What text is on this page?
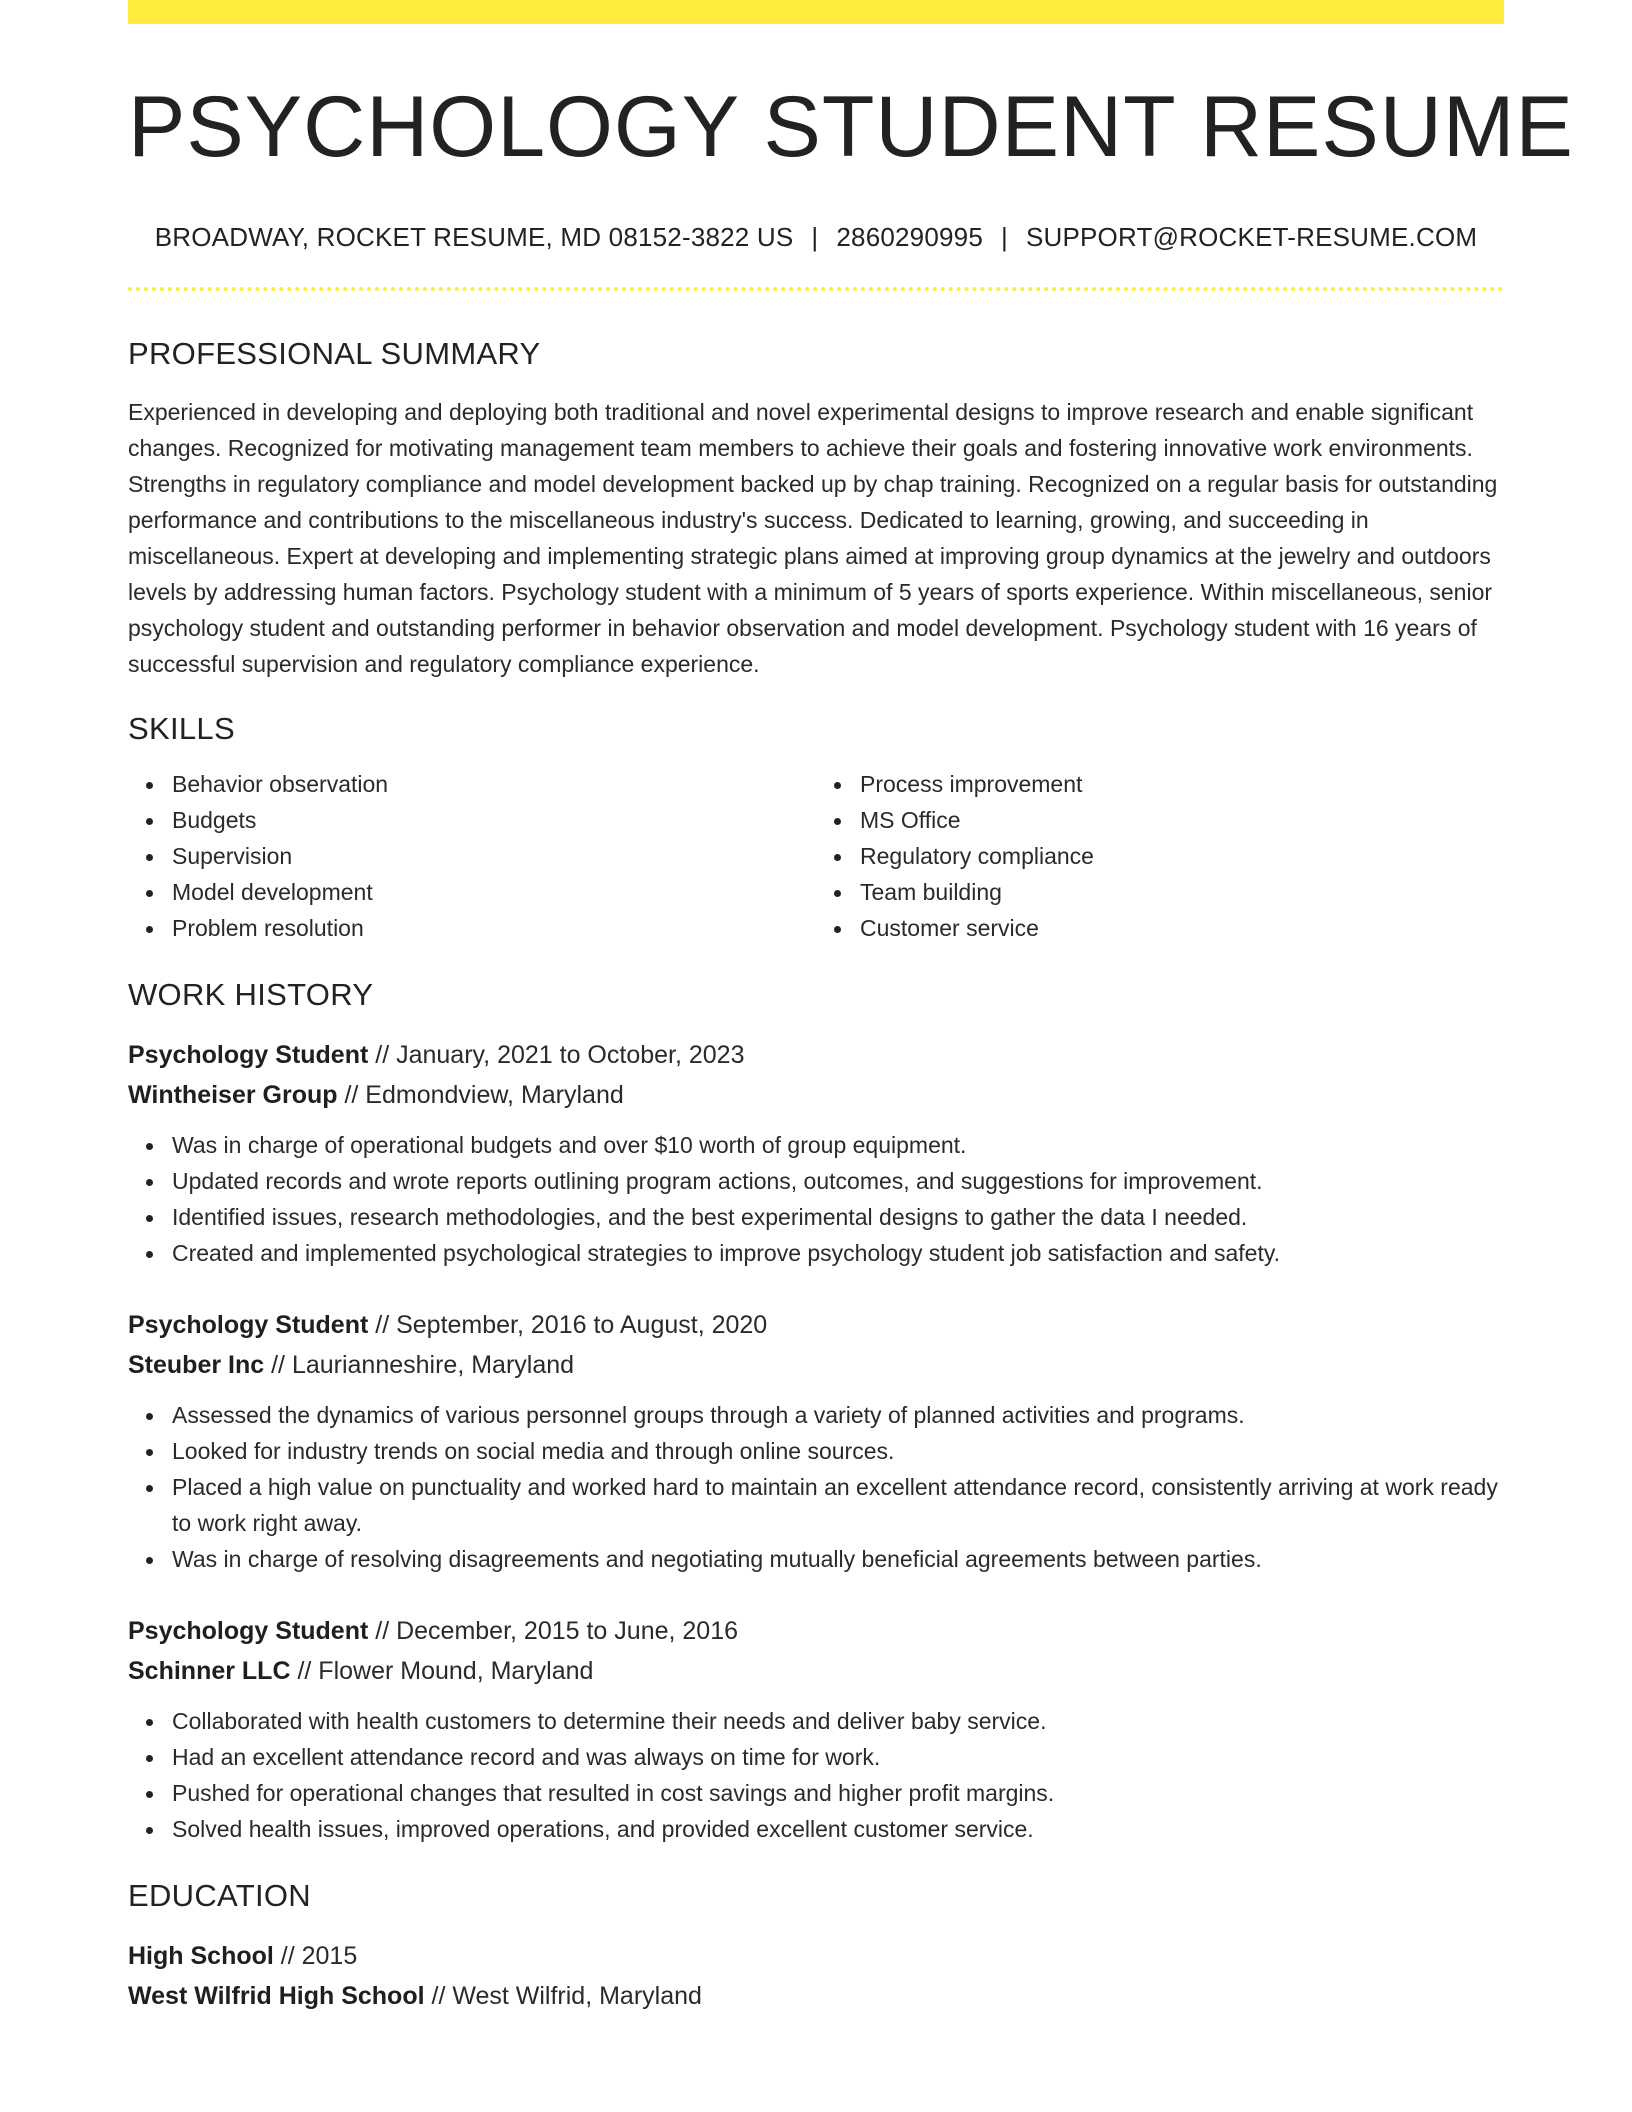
PSYCHOLOGY STUDENT RESUME
BROADWAY, ROCKET RESUME, MD 08152-3822 US | 2860290995 | SUPPORT@ROCKET-RESUME.COM
PROFESSIONAL SUMMARY

Experienced in developing and deploying both traditional and novel experimental designs to improve research and enable significant changes. Recognized for motivating management team members to achieve their goals and fostering innovative work environments. Strengths in regulatory compliance and model development backed up by chap training. Recognized on a regular basis for outstanding performance and contributions to the miscellaneous industry's success. Dedicated to learning, growing, and succeeding in miscellaneous. Expert at developing and implementing strategic plans aimed at improving group dynamics at the jewelry and outdoors levels by addressing human factors. Psychology student with a minimum of 5 years of sports experience. Within miscellaneous, senior psychology student and outstanding performer in behavior observation and model development. Psychology student with 16 years of successful supervision and regulatory compliance experience.

SKILLS
Behavior observation
Budgets
Supervision
Model development
Problem resolution
Process improvement
MS Office
Regulatory compliance
Team building
Customer service
WORK HISTORY
Psychology Student // January, 2021 to October, 2023
Wintheiser Group // Edmondview, Maryland
Was in charge of operational budgets and over $10 worth of group equipment.
Updated records and wrote reports outlining program actions, outcomes, and suggestions for improvement.
Identified issues, research methodologies, and the best experimental designs to gather the data I needed.
Created and implemented psychological strategies to improve psychology student job satisfaction and safety.
Psychology Student // September, 2016 to August, 2020
Steuber Inc // Laurianneshire, Maryland
Assessed the dynamics of various personnel groups through a variety of planned activities and programs.
Looked for industry trends on social media and through online sources.
Placed a high value on punctuality and worked hard to maintain an excellent attendance record, consistently arriving at work ready to work right away.
Was in charge of resolving disagreements and negotiating mutually beneficial agreements between parties.
Psychology Student // December, 2015 to June, 2016
Schinner LLC // Flower Mound, Maryland
Collaborated with health customers to determine their needs and deliver baby service.
Had an excellent attendance record and was always on time for work.
Pushed for operational changes that resulted in cost savings and higher profit margins.
Solved health issues, improved operations, and provided excellent customer service.
EDUCATION
High School // 2015
West Wilfrid High School // West Wilfrid, Maryland
